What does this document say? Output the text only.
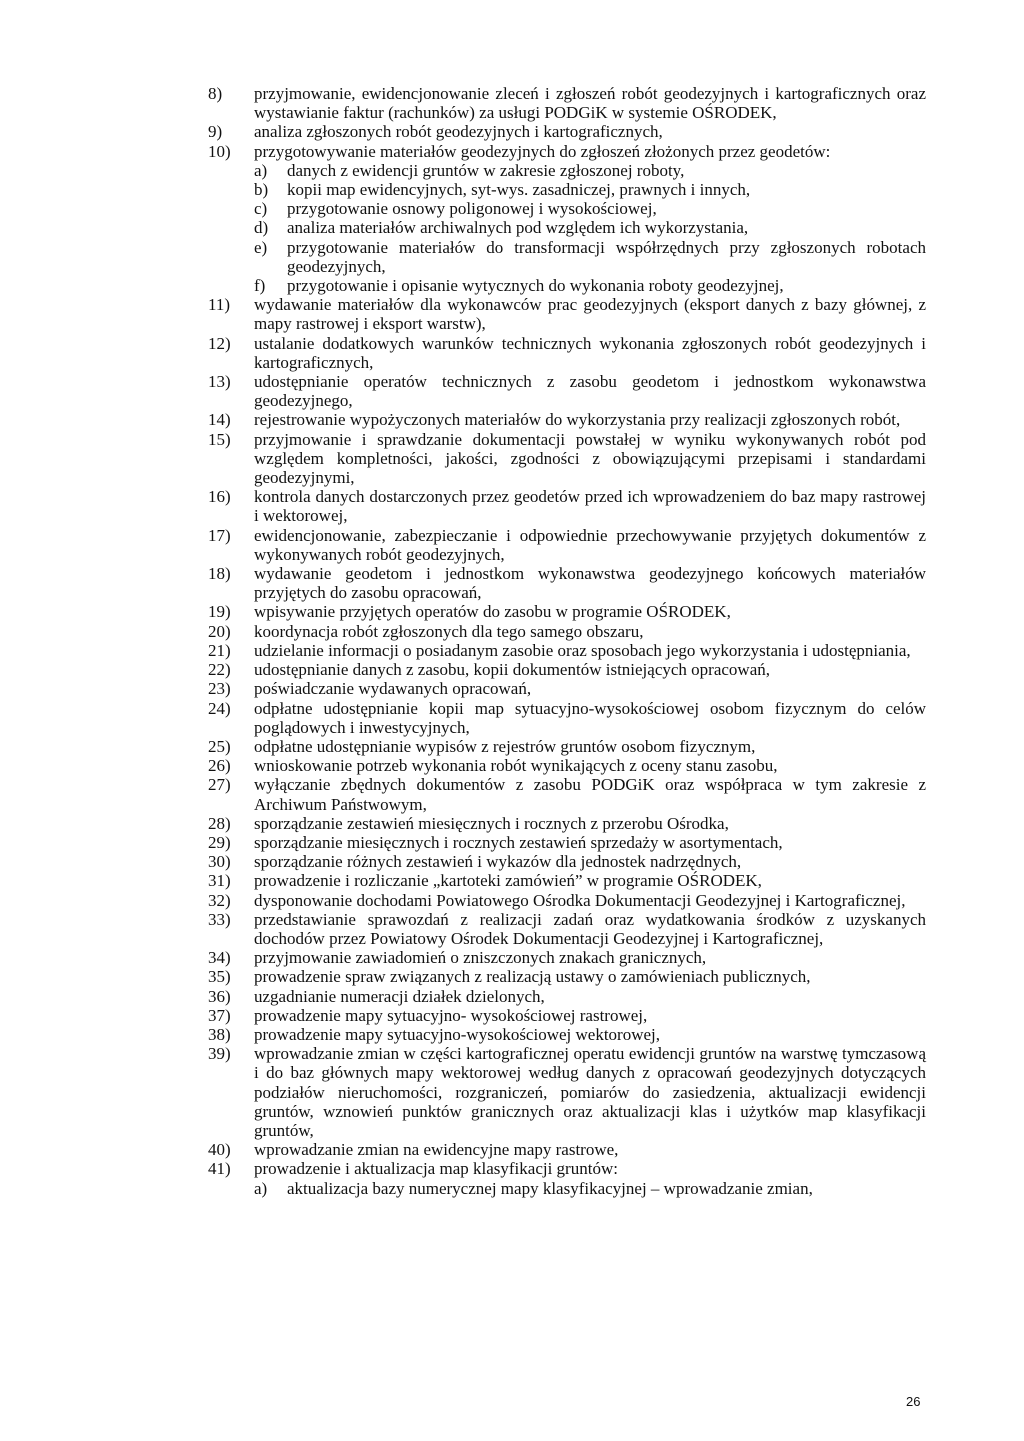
8)	przyjmowanie, ewidencjonowanie zleceń i zgłoszeń robót geodezyjnych i kartograficznych oraz wystawianie faktur (rachunków) za usługi PODGiK w systemie OŚRODEK,
9)	analiza zgłoszonych robót geodezyjnych i kartograficznych,
10)	przygotowywanie materiałów geodezyjnych do zgłoszeń złożonych przez geodetów:
a)	danych z ewidencji gruntów w zakresie zgłoszonej roboty,
b)	kopii map ewidencyjnych, syt-wys. zasadniczej, prawnych i innych,
c)	przygotowanie osnowy poligonowej i wysokościowej,
d)	analiza materiałów archiwalnych pod względem ich wykorzystania,
e)	przygotowanie materiałów do transformacji współrzędnych przy zgłoszonych robotach geodezyjnych,
f)	przygotowanie i opisanie wytycznych do wykonania roboty geodezyjnej,
11)	wydawanie materiałów dla wykonawców prac geodezyjnych (eksport danych z bazy głównej, z mapy rastrowej i eksport warstw),
12)	ustalanie dodatkowych warunków technicznych wykonania zgłoszonych robót geodezyjnych i kartograficznych,
13)	udostępnianie operatów technicznych z zasobu geodetom i jednostkom wykonawstwa geodezyjnego,
14)	rejestrowanie wypożyczonych materiałów do wykorzystania przy realizacji zgłoszonych robót,
15)	przyjmowanie i sprawdzanie dokumentacji powstałej w wyniku wykonywanych robót pod względem kompletności, jakości, zgodności z obowiązującymi przepisami i standardami geodezyjnymi,
16)	kontrola danych dostarczonych przez geodetów przed ich wprowadzeniem do baz mapy rastrowej i wektorowej,
17)	ewidencjonowanie, zabezpieczanie i odpowiednie przechowywanie przyjętych dokumentów z wykonywanych robót geodezyjnych,
18)	wydawanie geodetom i jednostkom wykonawstwa geodezyjnego końcowych materiałów przyjętych do zasobu opracowań,
19)	wpisywanie przyjętych operatów do zasobu w programie OŚRODEK,
20)	koordynacja robót zgłoszonych dla tego samego obszaru,
21)	udzielanie informacji o posiadanym zasobie oraz sposobach jego wykorzystania i udostępniania,
22)	udostępnianie danych z zasobu, kopii dokumentów istniejących opracowań,
23)	poświadczanie wydawanych opracowań,
24)	odpłatne udostępnianie kopii map sytuacyjno-wysokościowej osobom fizycznym do celów poglądowych i inwestycyjnych,
25)	odpłatne udostępnianie wypisów z rejestrów gruntów osobom fizycznym,
26)	wnioskowanie potrzeb wykonania robót wynikających z oceny stanu zasobu,
27)	wyłączanie zbędnych dokumentów z zasobu PODGiK oraz współpraca w tym zakresie z Archiwum Państwowym,
28)	sporządzanie zestawień miesięcznych i rocznych z przerobu Ośrodka,
29)	sporządzanie miesięcznych i rocznych zestawień sprzedaży w asortymentach,
30)	sporządzanie różnych zestawień i wykazów dla jednostek nadrzędnych,
31)	prowadzenie i rozliczanie „kartoteki zamówień” w programie OŚRODEK,
32)	dysponowanie dochodami Powiatowego Ośrodka Dokumentacji Geodezyjnej i Kartograficznej,
33)	przedstawianie sprawozdań z realizacji zadań oraz wydatkowania środków z uzyskanych dochodów przez Powiatowy Ośrodek Dokumentacji Geodezyjnej i Kartograficznej,
34)	przyjmowanie zawiadomień o zniszczonych znakach granicznych,
35)	prowadzenie spraw związanych z realizacją ustawy o zamówieniach publicznych,
36)	uzgadnianie numeracji działek dzielonych,
37)	prowadzenie mapy sytuacyjno- wysokościowej rastrowej,
38)	prowadzenie mapy sytuacyjno-wysokościowej wektorowej,
39)	wprowadzanie zmian w części kartograficznej operatu ewidencji gruntów na warstwę tymczasową i do baz głównych mapy wektorowej według danych z opracowań geodezyjnych dotyczących podziałów nieruchomości, rozgraniczeń, pomiarów do zasiedzenia, aktualizacji ewidencji gruntów, wznowień punktów granicznych oraz aktualizacji klas i użytków map klasyfikacji gruntów,
40)	wprowadzanie zmian na ewidencyjne mapy rastrowe,
41)	prowadzenie i aktualizacja map klasyfikacji gruntów:
a)	aktualizacja bazy numerycznej mapy klasyfikacyjnej – wprowadzanie zmian,
26
